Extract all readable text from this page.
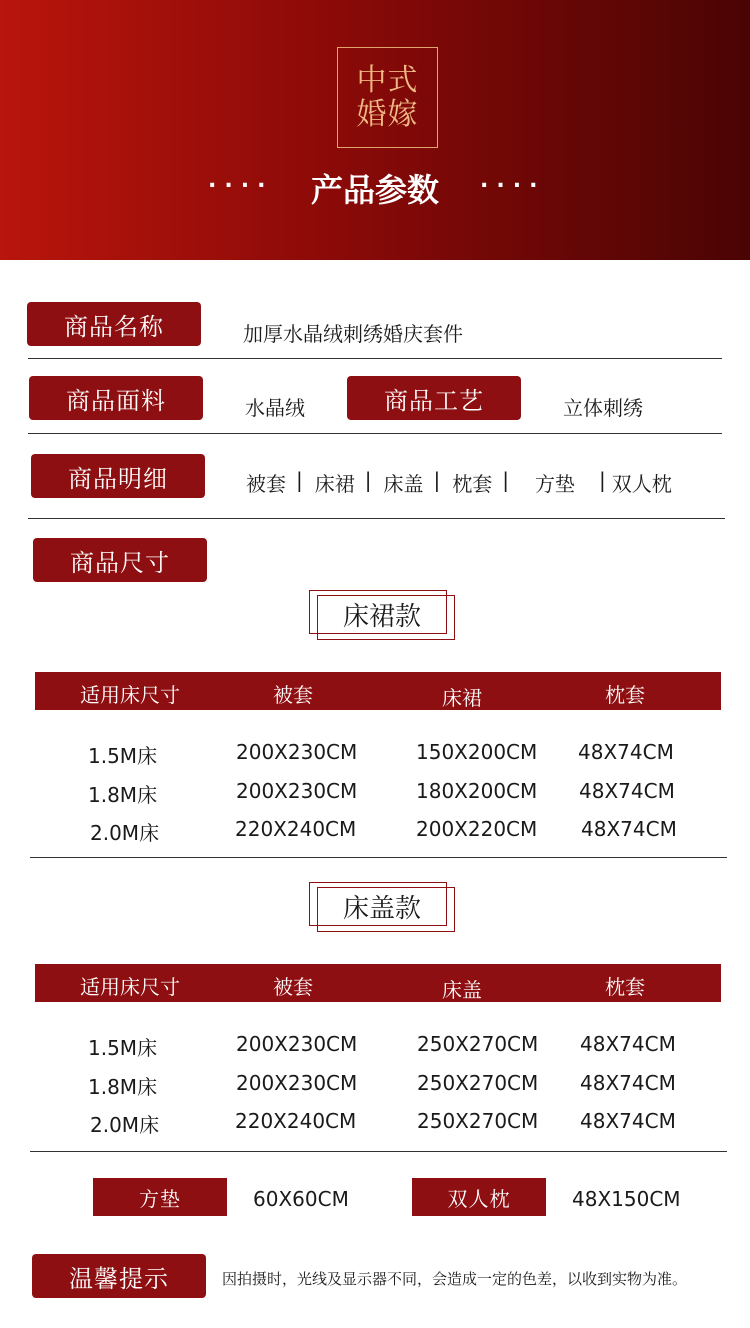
中式
婚嫁
....	产品参数	....
商品名称	加厚水晶绒刺绣婚庆套件
商品面料	水晶绒	商品工艺	立体刺绣
商品明细	被套 | 床裙 | 床盖 | 枕套 | 方垫 | 双人枕
商品尺寸
床裙款
适用床尺寸	被套	床裙	枕套
1.5M床	200X230CM	150X200CM 48X74CM
1.8M床	200X230CM	180X200CM 48X74CM
2.0M床	220X240CM	200X220CM 48X74CM
床盖款
适用床尺寸	被套	床盖	枕套
1.5M床	200X230CM	250X270CM 48X74CM
1.8M床	200X230CM	250X270CM 48X74CM
2.0M床	220X240CM	250X270CM 48X74CM
方垫	60X60CM	双人枕	48X150CM
温馨提示	因拍摄时，光线及显示器不同，会造成一定的色差，以收到实物为准。
